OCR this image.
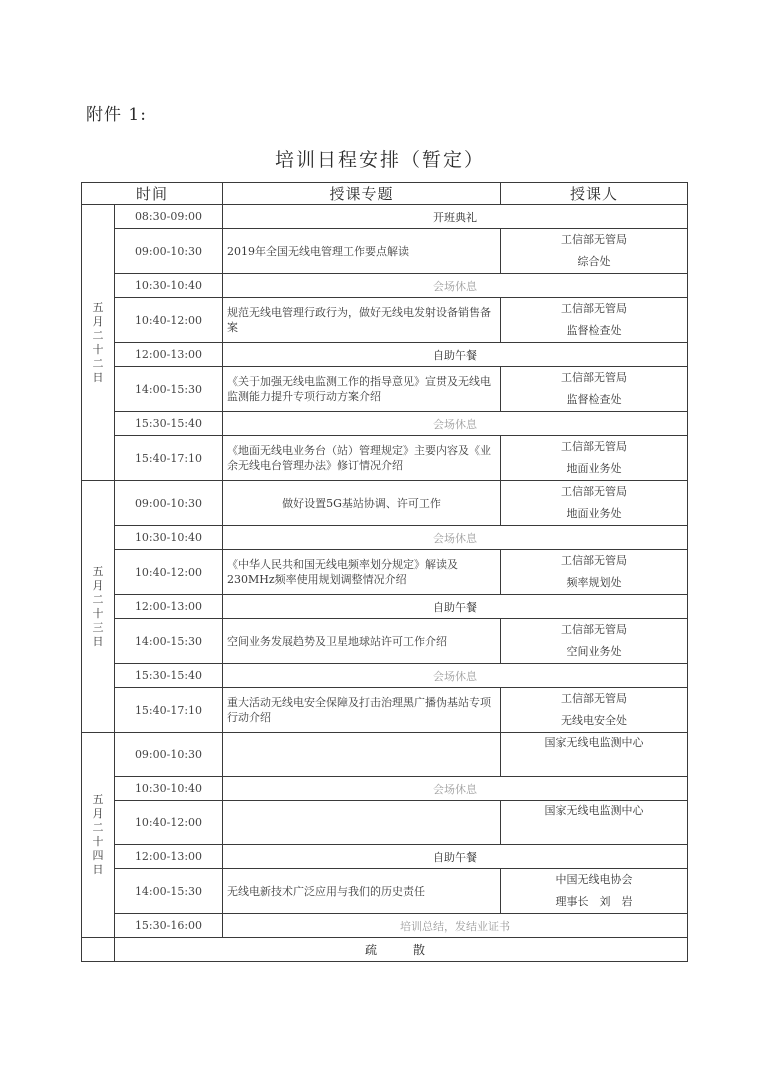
附件 1:
培训日程安排（暂定）
时间		授课专题	授课人
五月二十二日	08:30-09:00	开班典礼	
	09:00-10:30	2019年全国无线电管理工作要点解读	工信部无管局
综合处

	10:30-10:40	会场休息	
	10:40-12:00	规范无线电管理行政行为，做好无线电发射设备销售备案	工信部无管局
监督检查处

	12:00-13:00	自助午餐	
	14:00-15:30	《关于加强无线电监测工作的指导意见》宣贯及无线电监测能力提升专项行动方案介绍	工信部无管局
监督检查处

	15:30-15:40	会场休息	
	15:40-17:10	《地面无线电业务台（站）管理规定》主要内容及《业余无线电台管理办法》修订情况介绍	工信部无管局
地面业务处

五月二十三日	09:00-10:30	做好设置5G基站协调、许可工作	工信部无管局
地面业务处

	10:30-10:40	会场休息	
	10:40-12:00	《中华人民共和国无线电频率划分规定》解读及230MHz频率使用规划调整情况介绍	工信部无管局
频率规划处

	12:00-13:00	自助午餐	
	14:00-15:30	空间业务发展趋势及卫星地球站许可工作介绍	工信部无管局
空间业务处

	15:30-15:40	会场休息	
	15:40-17:10	重大活动无线电安全保障及打击治理黑广播伪基站专项行动介绍	工信部无管局
无线电安全处

五月二十四日	09:00-10:30		国家无线电监测中心

	10:30-10:40	会场休息	
	10:40-12:00		国家无线电监测中心

	12:00-13:00	自助午餐	
	14:00-15:30	无线电新技术广泛应用与我们的历史责任	中国无线电协会
理事长　刘　岩

	15:30-16:00	培训总结，发结业证书	
	疏　散		
